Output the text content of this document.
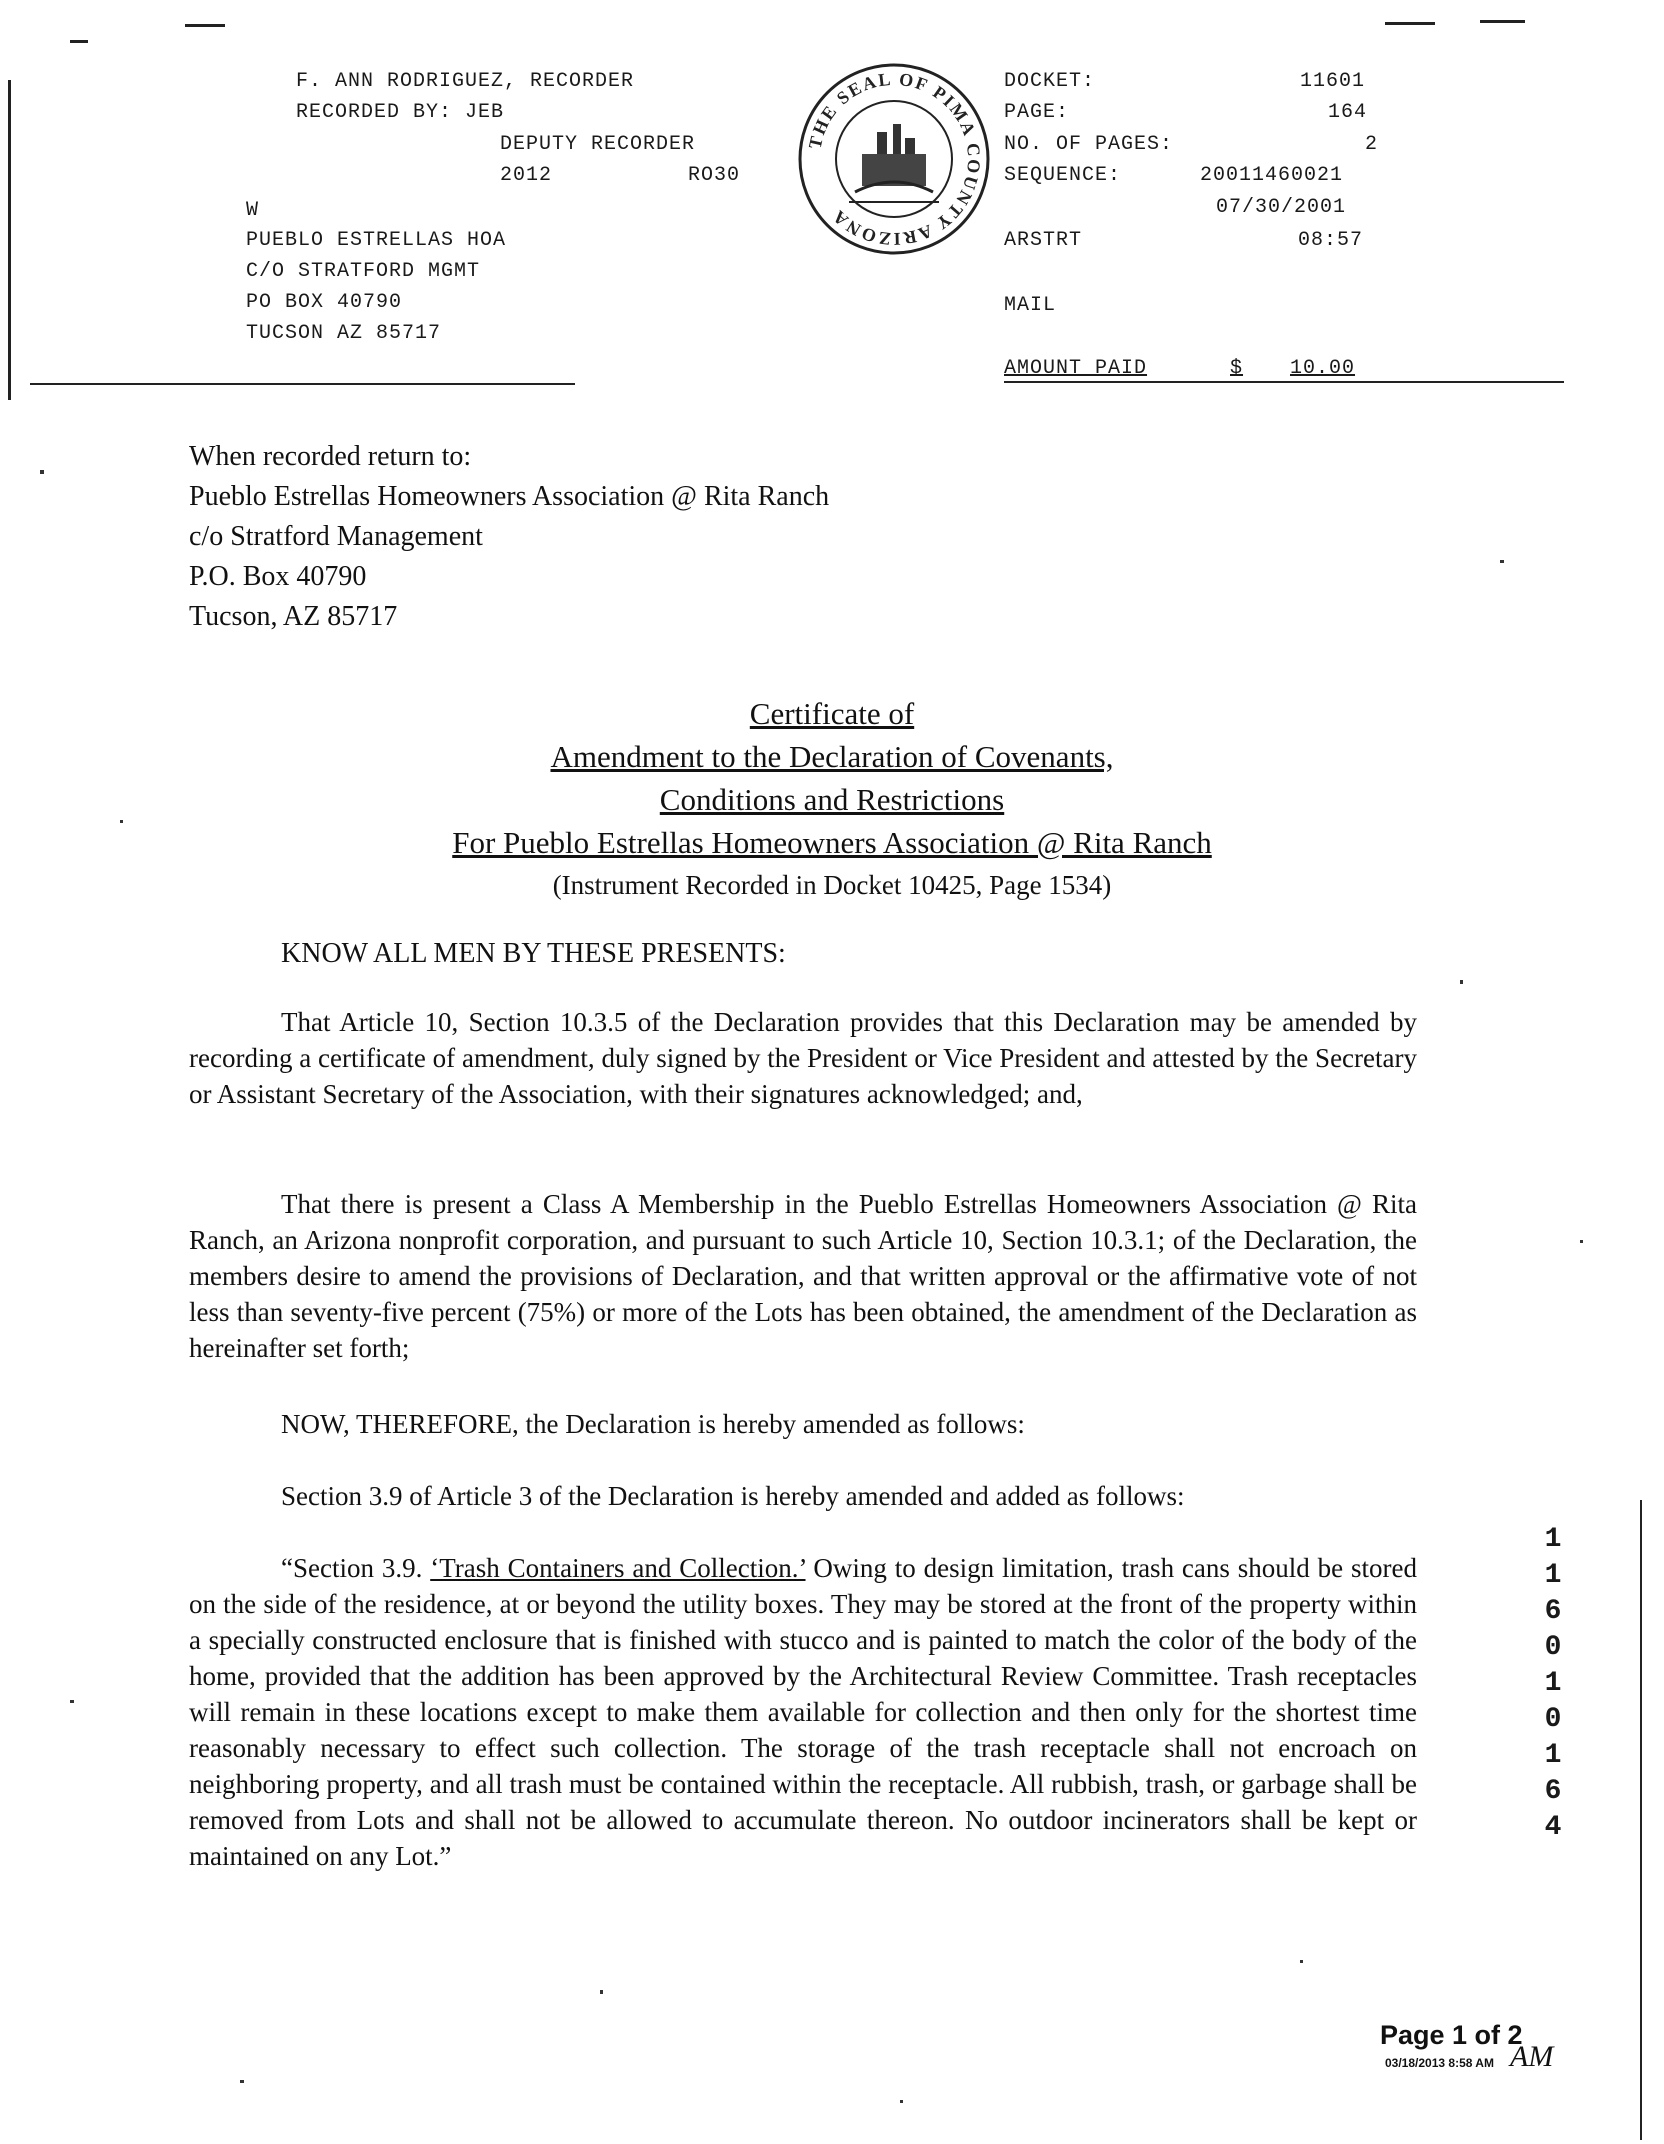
F. ANN RODRIGUEZ, RECORDER
RECORDED BY: JEB
DEPUTY RECORDER
2012	RO30
W
PUEBLO ESTRELLAS HOA
C/O STRATFORD MGMT
PO BOX 40790
TUCSON AZ 85717
THE SEAL OF PIMA COUNTY ARIZONA
DOCKET:	11601
PAGE:	164
NO. OF PAGES:	2
SEQUENCE:	20011460021
07/30/2001
ARSTRT	08:57
MAIL
AMOUNT PAID	$ 10.00
When recorded return to:
Pueblo Estrellas Homeowners Association @ Rita Ranch
c/o Stratford Management
P.O. Box 40790
Tucson, AZ 85717
Certificate of
Amendment to the Declaration of Covenants,
Conditions and Restrictions
For Pueblo Estrellas Homeowners Association @ Rita Ranch
(Instrument Recorded in Docket 10425, Page 1534)
KNOW ALL MEN BY THESE PRESENTS:

That Article 10, Section 10.3.5 of the Declaration provides that this Declaration may be amended by recording a certificate of amendment, duly signed by the President or Vice President and attested by the Secretary or Assistant Secretary of the Association, with their signatures acknowledged; and,

That there is present a Class A Membership in the Pueblo Estrellas Homeowners Association @ Rita Ranch, an Arizona nonprofit corporation, and pursuant to such Article 10, Section 10.3.1; of the Declaration, the members desire to amend the provisions of Declaration, and that written approval or the affirmative vote of not less than seventy-five percent (75%) or more of the Lots has been obtained, the amendment of the Declaration as hereinafter set forth;

NOW, THEREFORE, the Declaration is hereby amended as follows:
Section 3.9 of Article 3 of the Declaration is hereby amended and added as follows:

“Section 3.9. ‘Trash Containers and Collection.’ Owing to design limitation, trash cans should be stored on the side of the residence, at or beyond the utility boxes. They may be stored at the front of the property within a specially constructed enclosure that is finished with stucco and is painted to match the color of the body of the home, provided that the addition has been approved by the Architectural Review Committee. Trash receptacles will remain in these locations except to make them available for collection and then only for the shortest time reasonably necessary to effect such collection. The storage of the trash receptacle shall not encroach on neighboring property, and all trash must be contained within the receptacle. All rubbish, trash, or garbage shall be removed from Lots and shall not be allowed to accumulate thereon. No outdoor incinerators shall be kept or maintained on any Lot.”

1
1
6
0
1
0
1
6
4
Page 1 of 2
03/18/2013 8:58 AM AM
